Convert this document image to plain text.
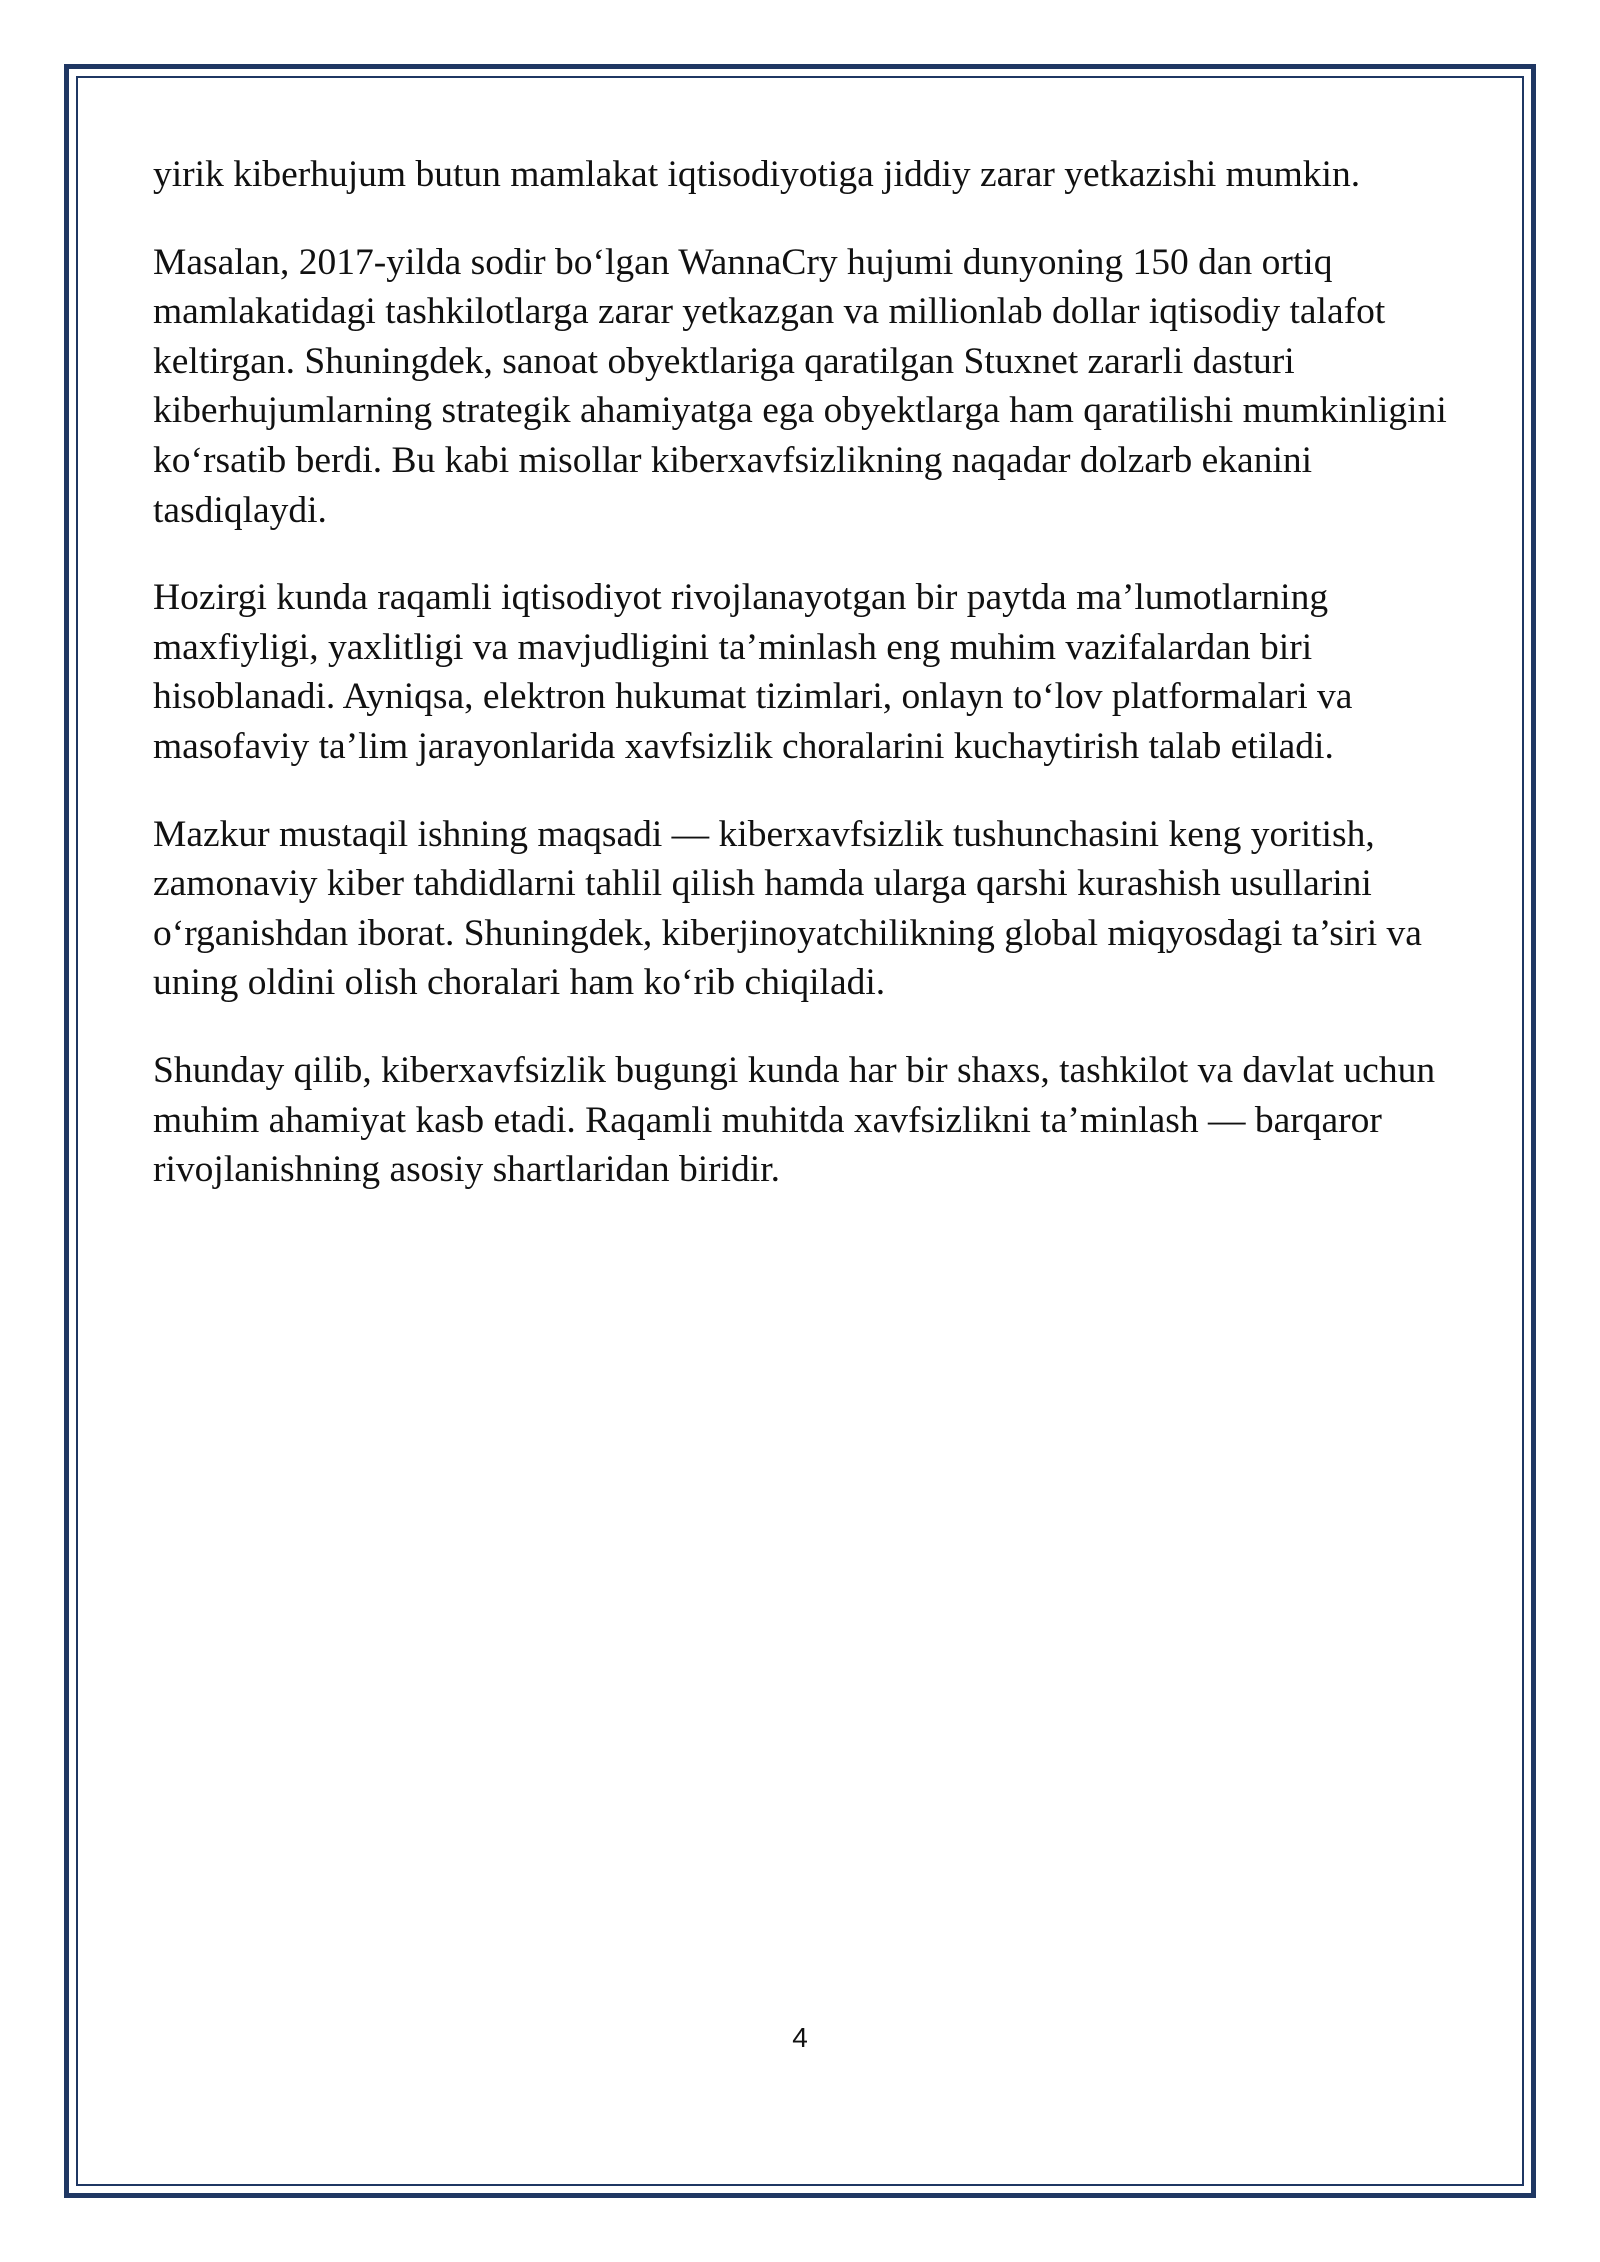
yirik kiberhujum butun mamlakat iqtisodiyotiga jiddiy zarar yetkazishi mumkin.

Masalan, 2017-yilda sodir bo‘lgan WannaCry hujumi dunyoning 150 dan ortiq mamlakatidagi tashkilotlarga zarar yetkazgan va millionlab dollar iqtisodiy talafot keltirgan. Shuningdek, sanoat obyektlariga qaratilgan Stuxnet zararli dasturi kiberhujumlarning strategik ahamiyatga ega obyektlarga ham qaratilishi mumkinligini ko‘rsatib berdi. Bu kabi misollar kiberxavfsizlikning naqadar dolzarb ekanini tasdiqlaydi.

Hozirgi kunda raqamli iqtisodiyot rivojlanayotgan bir paytda ma’lumotlarning maxfiyligi, yaxlitligi va mavjudligini ta’minlash eng muhim vazifalardan biri hisoblanadi. Ayniqsa, elektron hukumat tizimlari, onlayn to‘lov platformalari va masofaviy ta’lim jarayonlarida xavfsizlik choralarini kuchaytirish talab etiladi.

Mazkur mustaqil ishning maqsadi — kiberxavfsizlik tushunchasini keng yoritish, zamonaviy kiber tahdidlarni tahlil qilish hamda ularga qarshi kurashish usullarini o‘rganishdan iborat. Shuningdek, kiberjinoyatchilikning global miqyosdagi ta’siri va uning oldini olish choralari ham ko‘rib chiqiladi.

Shunday qilib, kiberxavfsizlik bugungi kunda har bir shaxs, tashkilot va davlat uchun muhim ahamiyat kasb etadi. Raqamli muhitda xavfsizlikni ta’minlash — barqaror rivojlanishning asosiy shartlaridan biridir.

4
